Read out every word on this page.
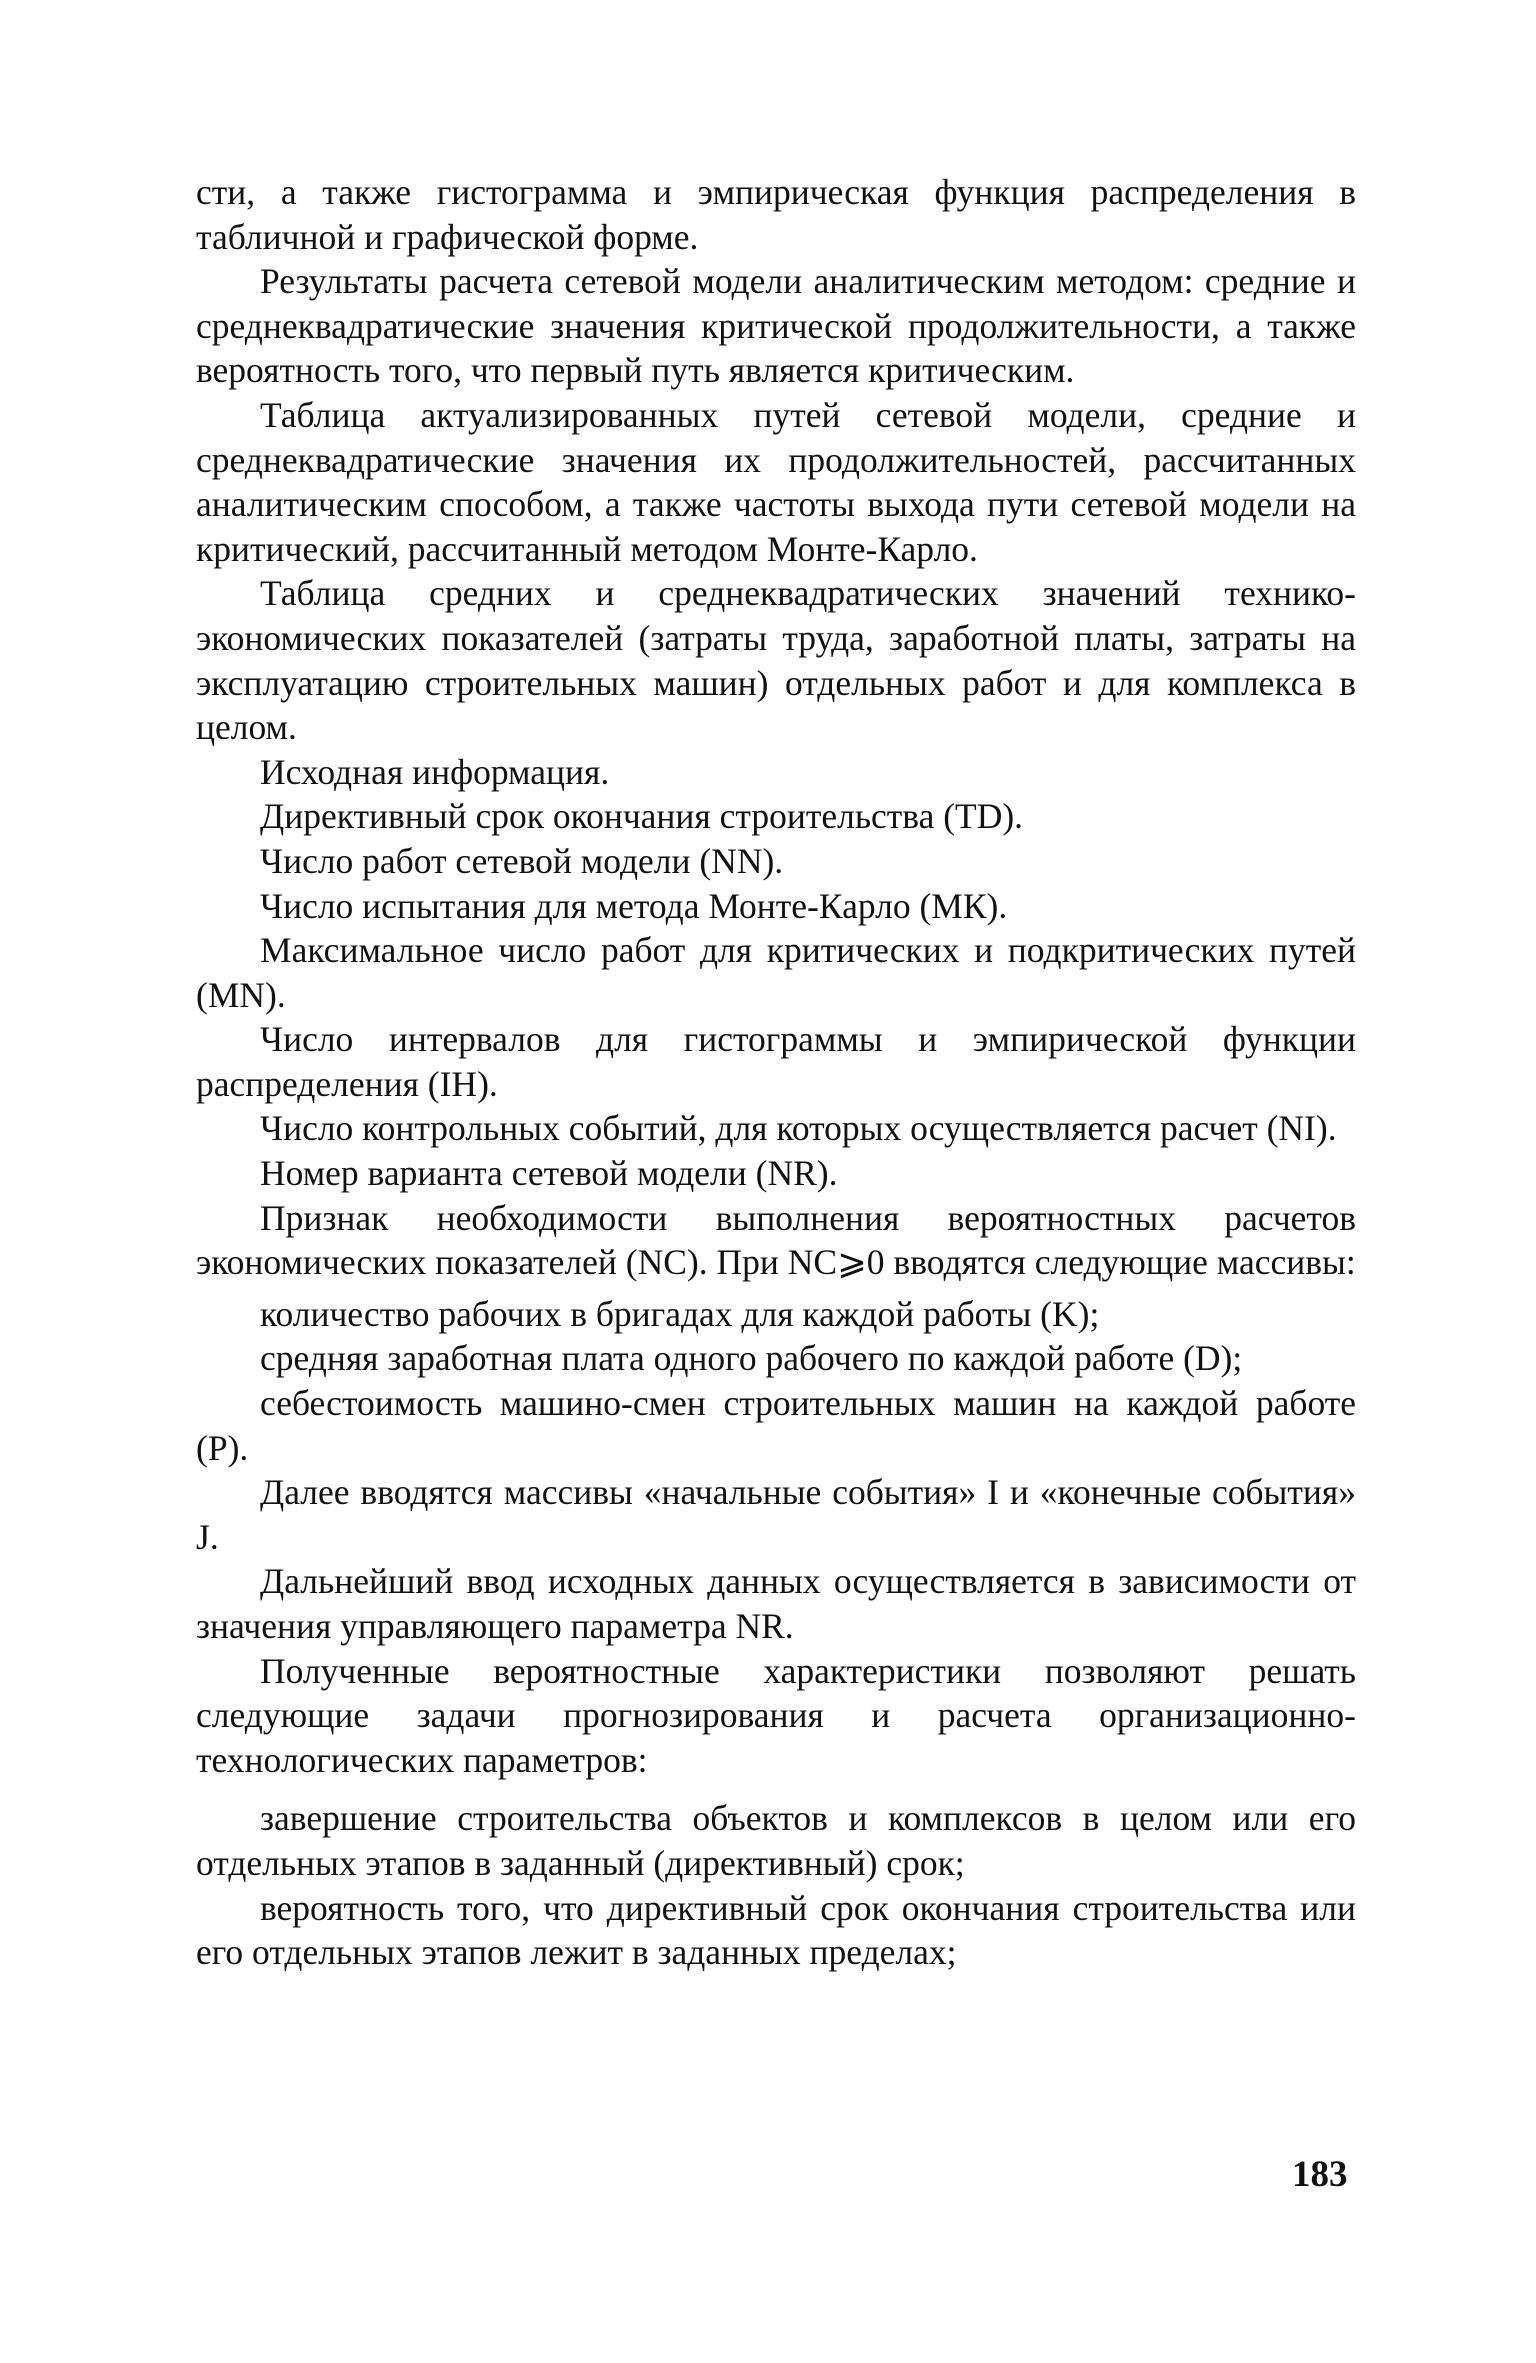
сти, а также гистограмма и эмпирическая функция распределения в табличной и графической форме.

Результаты расчета сетевой модели аналитическим методом: средние и среднеквадратические значения критической продолжительности, а также вероятность того, что первый путь является критическим.

Таблица актуализированных путей сетевой модели, средние и среднеквадратические значения их продолжительностей, рассчитанных аналитическим способом, а также частоты выхода пути сетевой модели на критический, рассчитанный методом Монте-Карло.

Таблица средних и среднеквадратических значений технико-экономических показателей (затраты труда, заработной платы, затраты на эксплуатацию строительных машин) отдельных работ и для комплекса в целом.

Исходная информация.

Директивный срок окончания строительства (TD).

Число работ сетевой модели (NN).

Число испытания для метода Монте-Карло (МК).

Максимальное число работ для критических и подкритических путей (MN).

Число интервалов для гистограммы и эмпирической функции распределения (IH).

Число контрольных событий, для которых осуществляется расчет (NI).

Номер варианта сетевой модели (NR).

Признак необходимости выполнения вероятностных расчетов экономических показателей (NC). При NC⩾0 вводятся следующие массивы:

количество рабочих в бригадах для каждой работы (K);

средняя заработная плата одного рабочего по каждой работе (D);

себестоимость машино-смен строительных машин на каждой работе (P).

Далее вводятся массивы «начальные события» I и «конечные события» J.

Дальнейший ввод исходных данных осуществляется в зависимости от значения управляющего параметра NR.

Полученные вероятностные характеристики позволяют решать следующие задачи прогнозирования и расчета организационно-технологических параметров:

завершение строительства объектов и комплексов в целом или его отдельных этапов в заданный (директивный) срок;

вероятность того, что директивный срок окончания строительства или его отдельных этапов лежит в заданных пределах;

183
